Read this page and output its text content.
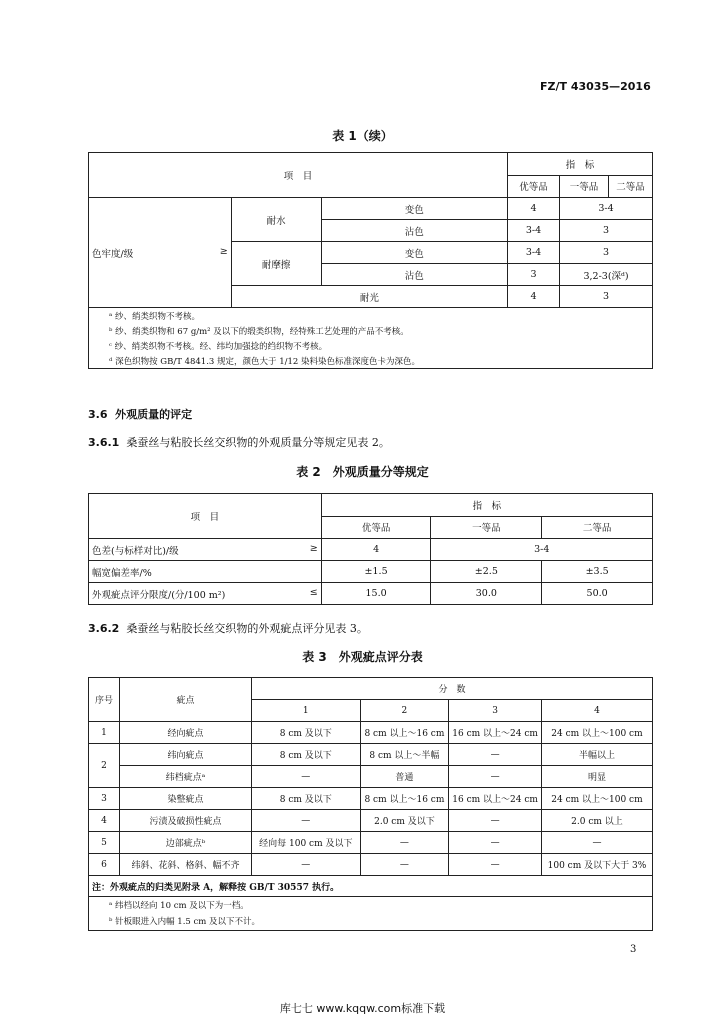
FZ/T 43035—2016
表 1（续）
项　目			指　标		
			优等品	一等品	二等品
色牢度/级 ≥	耐水	变色	4	3-4	
		沾色	3-4	3	
	耐摩擦	变色	3-4	3	
		沾色	3	3,2-3(深ᵈ)	
	耐光		4	3	
ᵃ 纱、绡类织物不考核。					
ᵇ 纱、绡类织物和 67 g/m² 及以下的缎类织物，经特殊工艺处理的产品不考核。					
ᶜ 纱、绡类织物不考核。经、纬均加强捻的绉织物不考核。					
ᵈ 深色织物按 GB/T 4841.3 规定，颜色大于 1/12 染料染色标准深度色卡为深色。					
3.6 外观质量的评定
3.6.1 桑蚕丝与粘胶长丝交织物的外观质量分等规定见表 2。
表 2　外观质量分等规定
项　目	指　标		
	优等品	一等品	二等品
色差(与标样对比)/级 ≥	4	3-4	
幅宽偏差率/%	±1.5	±2.5	±3.5
外观疵点评分限度/(分/100 m²) ≤	15.0	30.0	50.0
3.6.2 桑蚕丝与粘胶长丝交织物的外观疵点评分见表 3。
表 3　外观疵点评分表
序号	疵点	分　数			
		1	2	3	4
1	经向疵点	8 cm 及以下	8 cm 以上～16 cm	16 cm 以上～24 cm	24 cm 以上～100 cm
2	纬向疵点	8 cm 及以下	8 cm 以上～半幅	—	半幅以上
	纬档疵点ᵃ	—	普通	—	明显
3	染整疵点	8 cm 及以下	8 cm 以上～16 cm	16 cm 以上～24 cm	24 cm 以上～100 cm
4	污渍及破损性疵点	—	2.0 cm 及以下	—	2.0 cm 以上
5	边部疵点ᵇ	经向每 100 cm 及以下	—	—	—
6	纬斜、花斜、格斜、幅不齐	—	—	—	100 cm 及以下大于 3%
注：外观疵点的归类见附录 A，解释按 GB/T 30557 执行。					
ᵃ 纬档以经向 10 cm 及以下为一档。					
ᵇ 针板眼进入内幅 1.5 cm 及以下不计。					
3
库七七 www.kqqw.com标准下载
